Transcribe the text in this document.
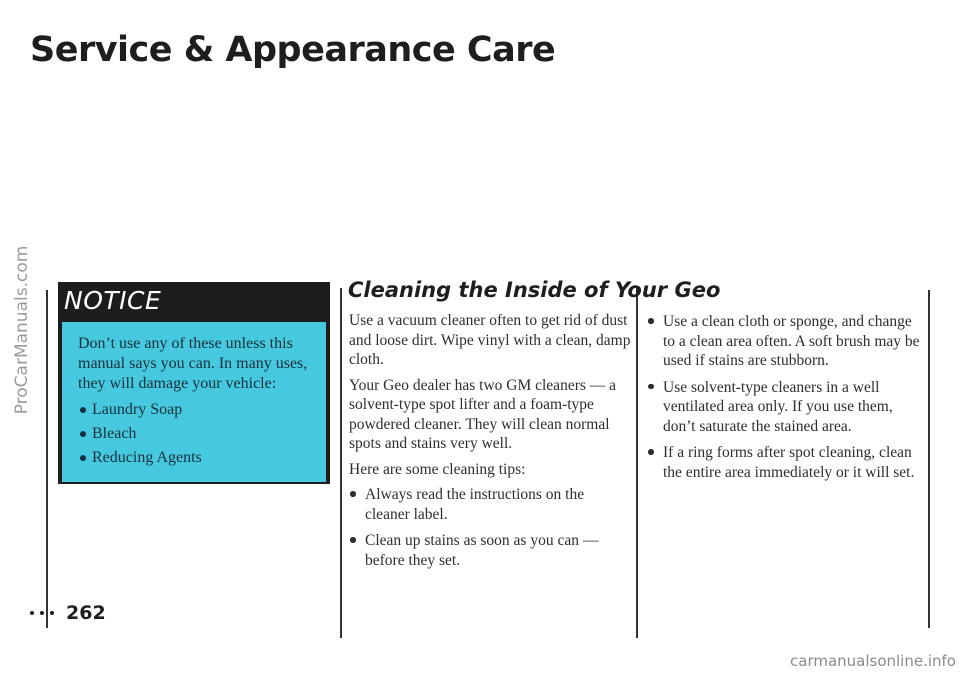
Service & Appearance Care
ProCarManuals.com NOTICE

Don’t use any of these unless this manual says you can. In many uses, they will damage your vehicle:

Laundry Soap
Bleach
Reducing Agents
Cleaning the Inside of Your Geo

Use a vacuum cleaner often to get rid of dust and loose dirt. Wipe vinyl with a clean, damp cloth.

Your Geo dealer has two GM cleaners — a solvent-type spot lifter and a foam-type powdered cleaner. They will clean normal spots and stains very well.

Here are some cleaning tips:

Always read the instructions on the cleaner label.
Clean up stains as soon as you can — before they set.
Use a clean cloth or sponge, and change to a clean area often. A soft brush may be used if stains are stubborn.
Use solvent-type cleaners in a well ventilated area only. If you use them, don’t saturate the stained area.
If a ring forms after spot cleaning, clean the entire area immediately or it will set.
262
carmanualsonline.info
